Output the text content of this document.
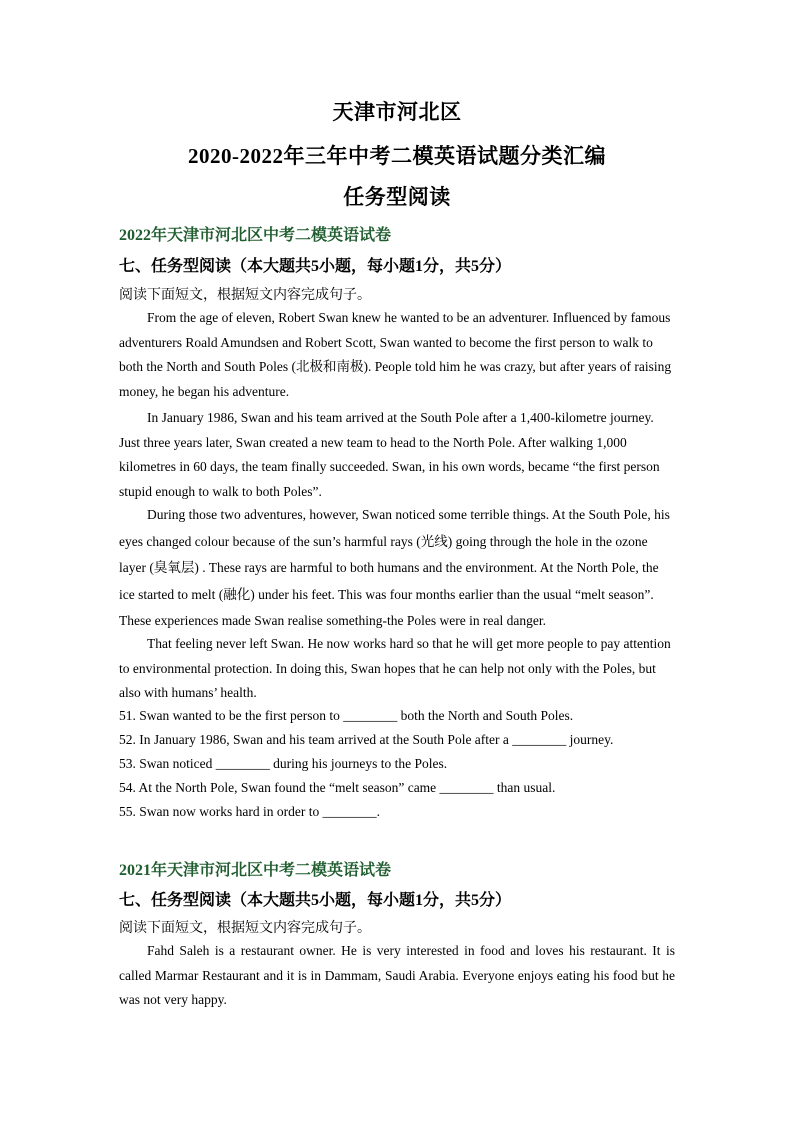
天津市河北区
2020-2022年三年中考二模英语试题分类汇编
任务型阅读
2022年天津市河北区中考二模英语试卷
七、任务型阅读（本大题共5小题，每小题1分，共5分）
阅读下面短文，根据短文内容完成句子。

From the age of eleven, Robert Swan knew he wanted to be an adventurer. Influenced by famous adventurers Roald Amundsen and Robert Scott, Swan wanted to become the first person to walk to both the North and South Poles (北极和南极). People told him he was crazy, but after years of raising money, he began his adventure.

In January 1986, Swan and his team arrived at the South Pole after a 1,400-kilometre journey. Just three years later, Swan created a new team to head to the North Pole. After walking 1,000 kilometres in 60 days, the team finally succeeded. Swan, in his own words, became “the first person stupid enough to walk to both Poles”.

During those two adventures, however, Swan noticed some terrible things. At the South Pole, his eyes changed colour because of the sun’s harmful rays (光线) going through the hole in the ozone layer (臭氧层) . These rays are harmful to both humans and the environment. At the North Pole, the ice started to melt (融化) under his feet. This was four months earlier than the usual “melt season”. These experiences made Swan realise something-the Poles were in real danger.

That feeling never left Swan. He now works hard so that he will get more people to pay attention to environmental protection. In doing this, Swan hopes that he can help not only with the Poles, but also with humans’ health.

51. Swan wanted to be the first person to ________ both the North and South Poles.
52. In January 1986, Swan and his team arrived at the South Pole after a ________ journey.
53. Swan noticed ________ during his journeys to the Poles.
54. At the North Pole, Swan found the “melt season” came ________ than usual.
55. Swan now works hard in order to ________.
2021年天津市河北区中考二模英语试卷
七、任务型阅读（本大题共5小题，每小题1分，共5分）
阅读下面短文，根据短文内容完成句子。

Fahd Saleh is a restaurant owner. He is very interested in food and loves his restaurant. It is called Marmar Restaurant and it is in Dammam, Saudi Arabia. Everyone enjoys eating his food but he was not very happy.
